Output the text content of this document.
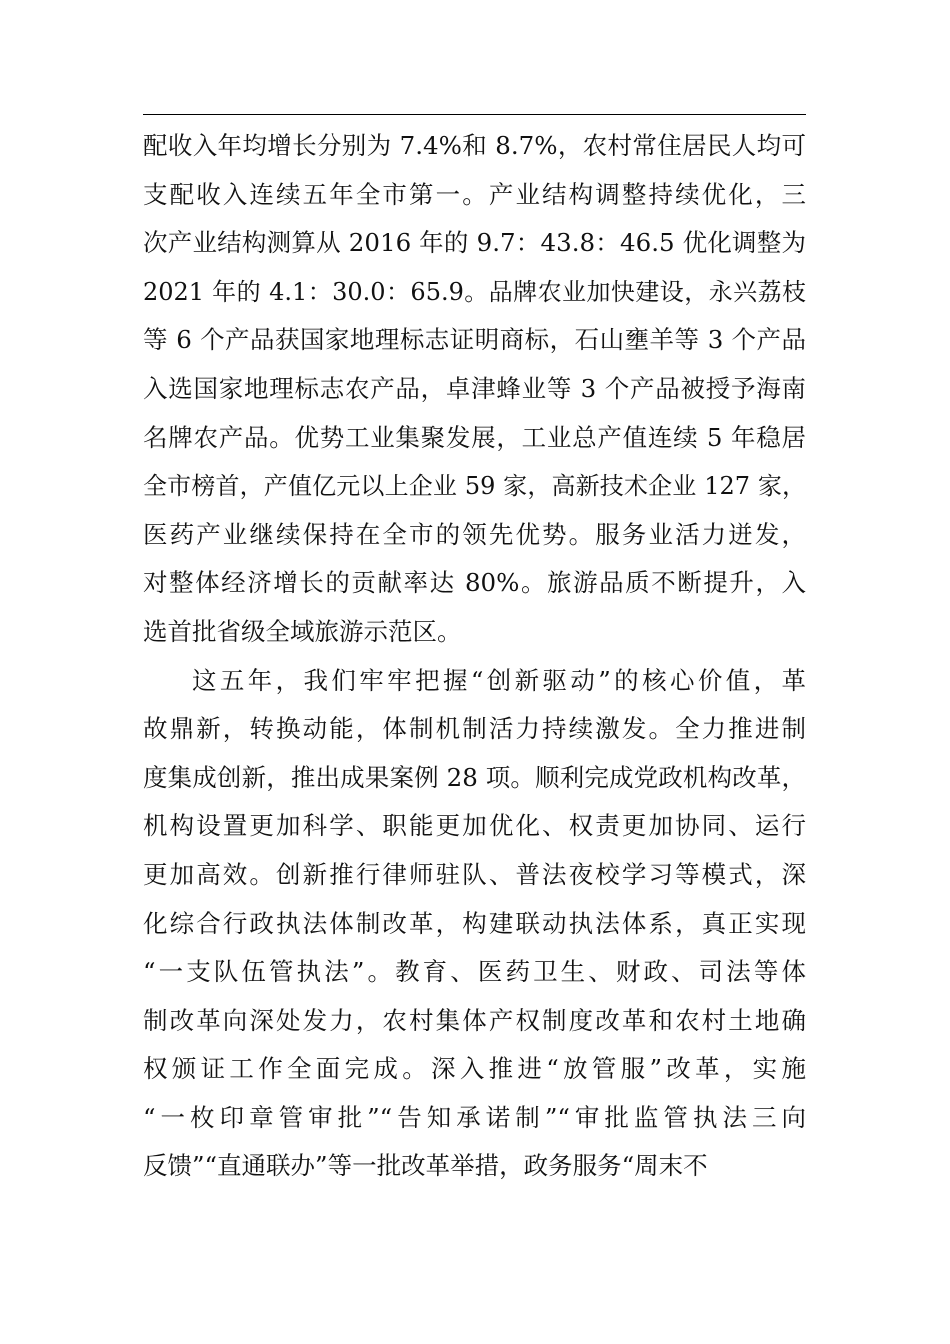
配收入年均增长分别为 7.4%和 8.7%，农村常住居民人均可
支配收入连续五年全市第一。产业结构调整持续优化，三
次产业结构测算从 2016 年的 9.7：43.8：46.5 优化调整为
2021 年的 4.1：30.0：65.9。品牌农业加快建设，永兴荔枝
等 6 个产品获国家地理标志证明商标，石山壅羊等 3 个产品
入选国家地理标志农产品，卓津蜂业等 3 个产品被授予海南
名牌农产品。优势工业集聚发展，工业总产值连续 5 年稳居
全市榜首，产值亿元以上企业 59 家，高新技术企业 127 家，
医药产业继续保持在全市的领先优势。服务业活力迸发，
对整体经济增长的贡献率达 80%。旅游品质不断提升，入
选首批省级全域旅游示范区。
这五年，我们牢牢把握“创新驱动”的核心价值，革
故鼎新，转换动能，体制机制活力持续激发。全力推进制
度集成创新，推出成果案例 28 项。顺利完成党政机构改革，
机构设置更加科学、职能更加优化、权责更加协同、运行
更加高效。创新推行律师驻队、普法夜校学习等模式，深
化综合行政执法体制改革，构建联动执法体系，真正实现
“一支队伍管执法”。教育、医药卫生、财政、司法等体
制改革向深处发力，农村集体产权制度改革和农村土地确
权颁证工作全面完成。深入推进“放管服”改革，实施
“一枚印章管审批”“告知承诺制”“审批监管执法三向
反馈”“直通联办”等一批改革举措，政务服务“周末不
